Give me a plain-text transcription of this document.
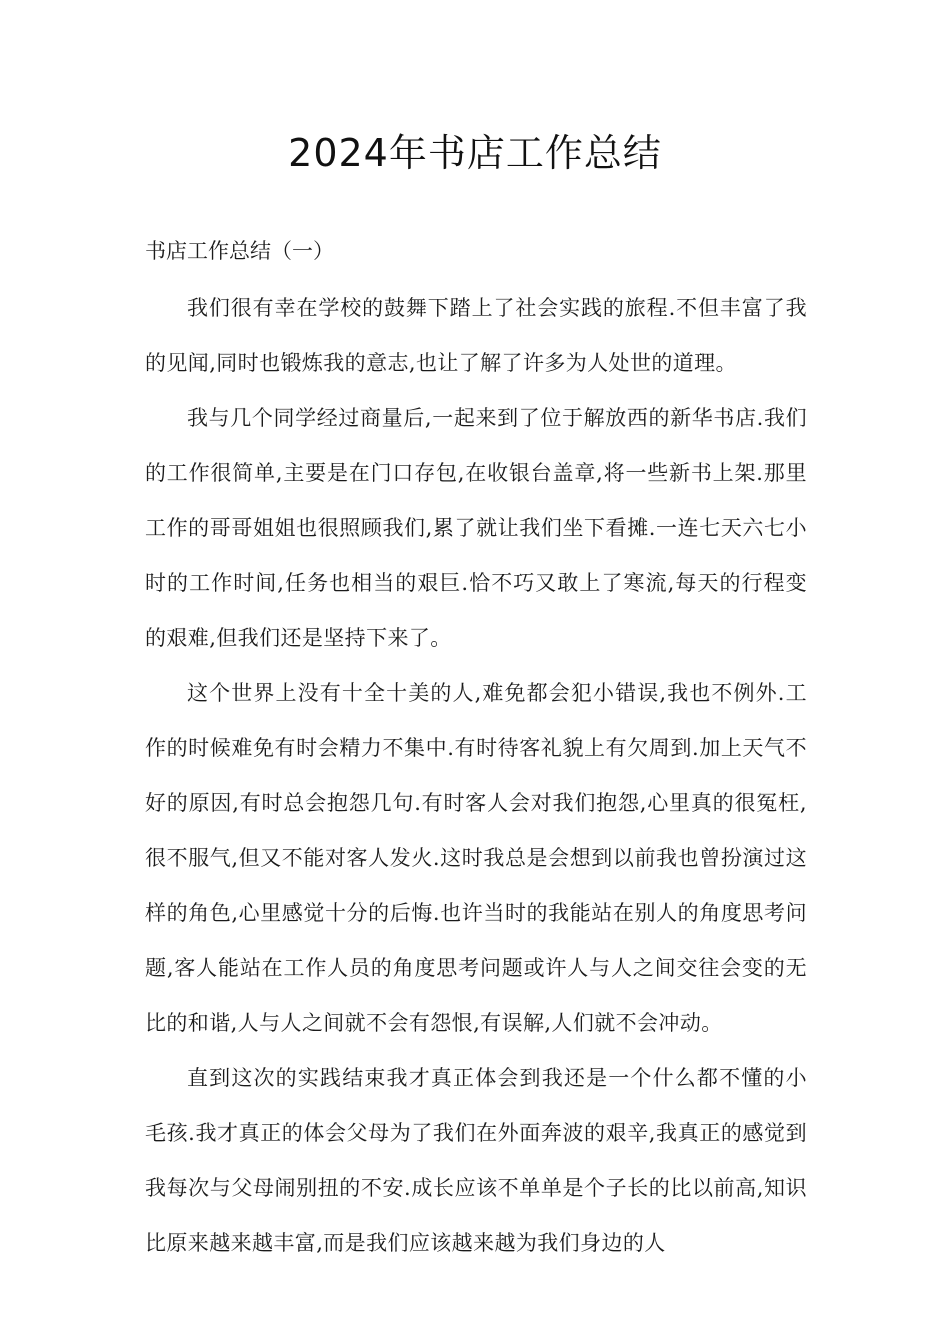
2024年书店工作总结
书店工作总结（一）

我们很有幸在学校的鼓舞下踏上了社会实践的旅程.不但丰富了我的见闻,同时也锻炼我的意志,也让了解了许多为人处世的道理。

我与几个同学经过商量后,一起来到了位于解放西的新华书店.我们的工作很简单,主要是在门口存包,在收银台盖章,将一些新书上架.那里工作的哥哥姐姐也很照顾我们,累了就让我们坐下看摊.一连七天六七小时的工作时间,任务也相当的艰巨.恰不巧又敢上了寒流,每天的行程变的艰难,但我们还是坚持下来了。

这个世界上没有十全十美的人,难免都会犯小错误,我也不例外.工作的时候难免有时会精力不集中.有时待客礼貌上有欠周到.加上天气不好的原因,有时总会抱怨几句.有时客人会对我们抱怨,心里真的很冤枉,很不服气,但又不能对客人发火.这时我总是会想到以前我也曾扮演过这样的角色,心里感觉十分的后悔.也许当时的我能站在别人的角度思考问题,客人能站在工作人员的角度思考问题或许人与人之间交往会变的无比的和谐,人与人之间就不会有怨恨,有误解,人们就不会冲动。

直到这次的实践结束我才真正体会到我还是一个什么都不懂的小毛孩.我才真正的体会父母为了我们在外面奔波的艰辛,我真正的感觉到我每次与父母闹别扭的不安.成长应该不单单是个子长的比以前高,知识比原来越来越丰富,而是我们应该越来越为我们身边的人
